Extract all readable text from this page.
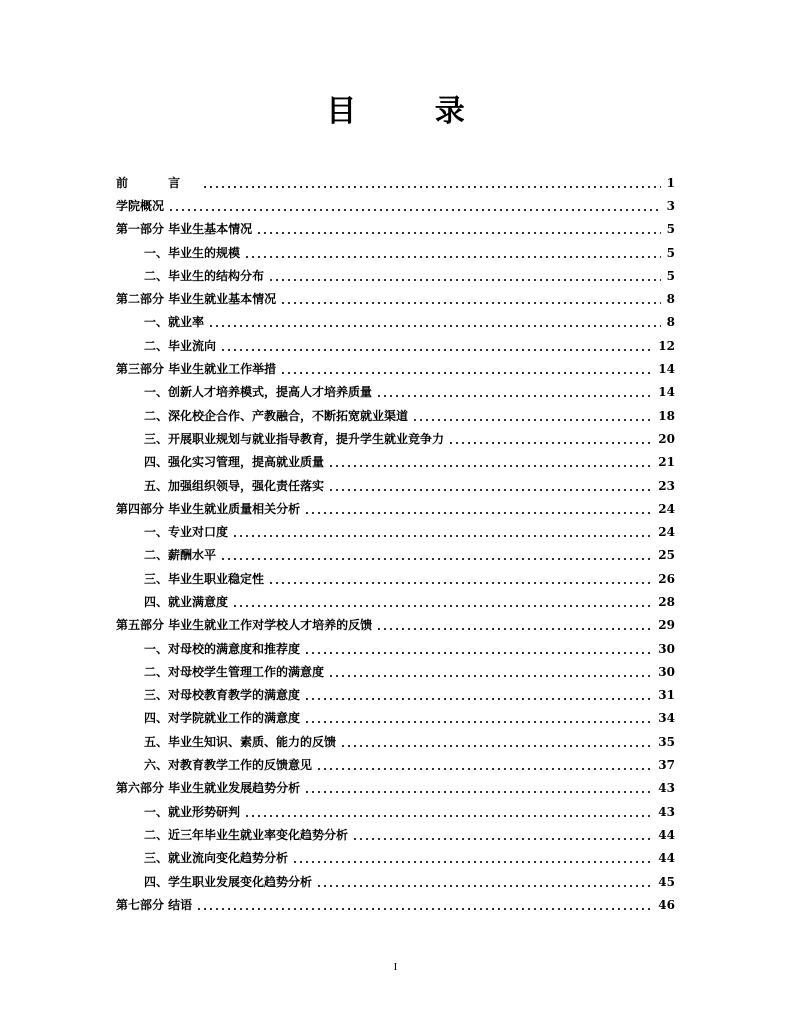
目 录
前 言	1
学院概况	3
第一部分 毕业生基本情况	5
一、毕业生的规模	5
二、毕业生的结构分布	5
第二部分 毕业生就业基本情况	8
一、就业率	8
二、毕业流向	12
第三部分 毕业生就业工作举措	14
一、创新人才培养模式，提高人才培养质量	14
二、深化校企合作、产教融合，不断拓宽就业渠道	18
三、开展职业规划与就业指导教育，提升学生就业竞争力	20
四、强化实习管理，提高就业质量	21
五、加强组织领导，强化责任落实	23
第四部分 毕业生就业质量相关分析	24
一、专业对口度	24
二、薪酬水平	25
三、毕业生职业稳定性	26
四、就业满意度	28
第五部分 毕业生就业工作对学校人才培养的反馈	29
一、对母校的满意度和推荐度	30
二、对母校学生管理工作的满意度	30
三、对母校教育教学的满意度	31
四、对学院就业工作的满意度	34
五、毕业生知识、素质、能力的反馈	35
六、对教育教学工作的反馈意见	37
第六部分 毕业生就业发展趋势分析	43
一、就业形势研判	43
二、近三年毕业生就业率变化趋势分析	44
三、就业流向变化趋势分析	44
四、学生职业发展变化趋势分析	45
第七部分 结语	46
I
